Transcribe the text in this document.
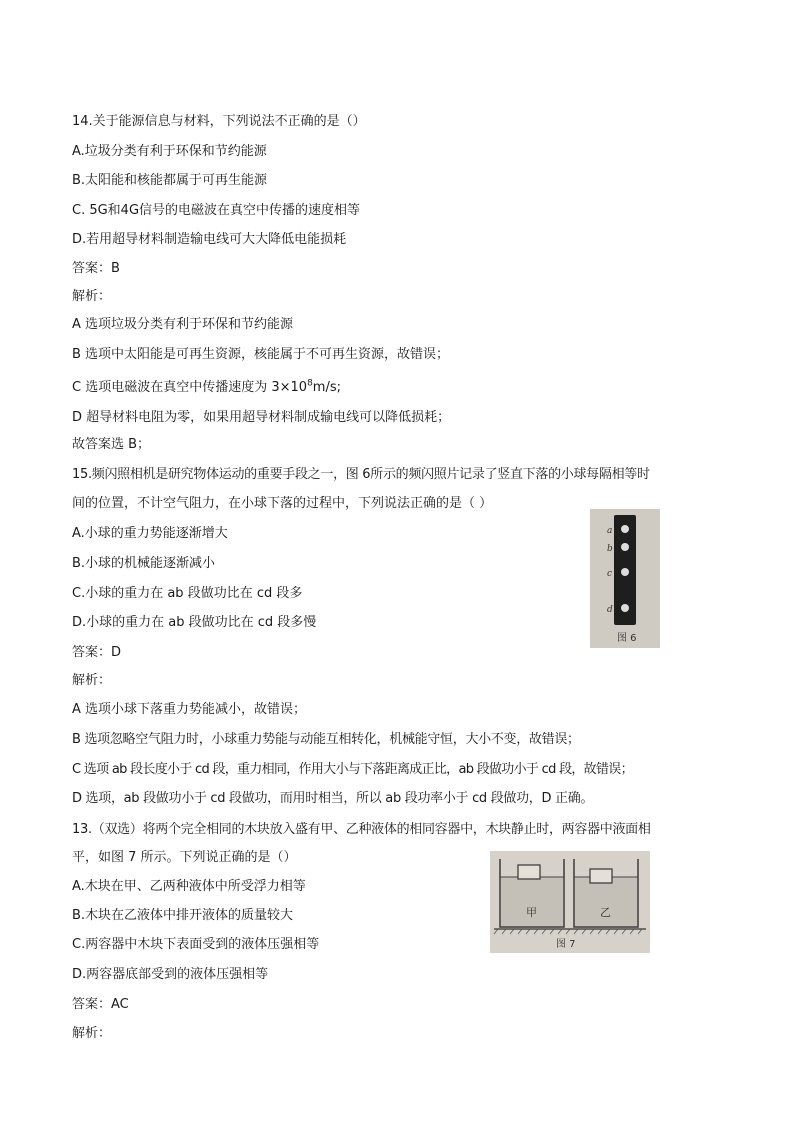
14.关于能源信息与材料，下列说法不正确的是（）
A.垃圾分类有利于环保和节约能源
B.太阳能和核能都属于可再生能源
C. 5G和4G信号的电磁波在真空中传播的速度相等
D.若用超导材料制造输电线可大大降低电能损耗
答案：B
解析：
A 选项垃圾分类有利于环保和节约能源
B 选项中太阳能是可再生资源，核能属于不可再生资源，故错误；
C 选项电磁波在真空中传播速度为 $3\times 10^8m/s$;
D 超导材料电阻为零，如果用超导材料制成输电线可以降低损耗；
故答案选 B；
15.频闪照相机是研究物体运动的重要手段之一，图 6所示的频闪照片记录了竖直下落的小球每隔相等时
间的位置，不计空气阻力，在小球下落的过程中，下列说法正确的是（ ）
A.小球的重力势能逐渐增大
B.小球的机械能逐渐减小
C.小球的重力在 ab 段做功比在 cd 段多
D.小球的重力在 ab 段做功比在 cd 段多慢
答案：D
解析：
A 选项小球下落重力势能减小，故错误；
B 选项忽略空气阻力时，小球重力势能与动能互相转化，机械能守恒，大小不变，故错误；
C 选项 ab 段长度小于 cd 段，重力相同，作用大小与下落距离成正比，ab 段做功小于 cd 段，故错误；
D 选项，ab 段做功小于 cd 段做功，而用时相当，所以 ab 段功率小于 cd 段做功，D 正确。
a
b
c
d
图 6
13.（双选）将两个完全相同的木块放入盛有甲、乙种液体的相同容器中，木块静止时，两容器中液面相
平，如图 7 所示。下列说正确的是（）
A.木块在甲、乙两种液体中所受浮力相等
B.木块在乙液体中排开液体的质量较大
C.两容器中木块下表面受到的液体压强相等
D.两容器底部受到的液体压强相等
答案：AC
解析：
甲	乙
图 7
